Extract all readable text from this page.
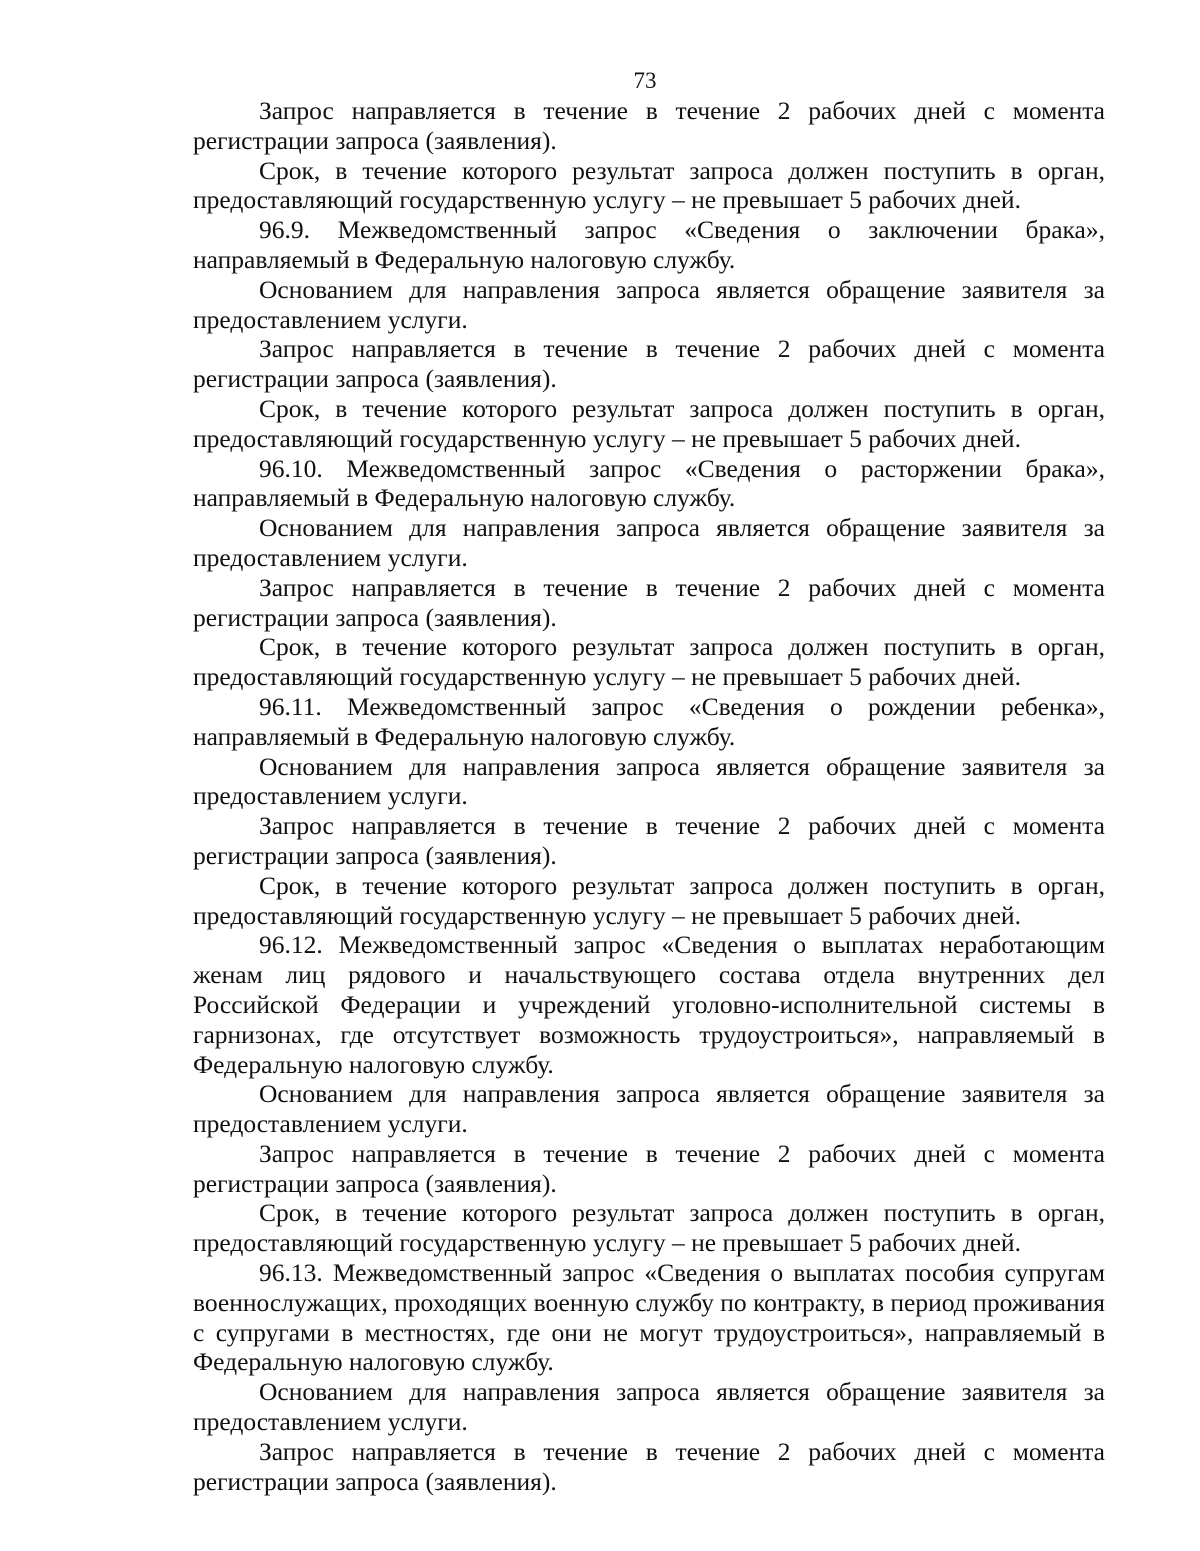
73

Запрос направляется в течение в течение 2 рабочих дней с момента регистрации запроса (заявления).

Срок, в течение которого результат запроса должен поступить в орган, предоставляющий государственную услугу – не превышает 5 рабочих дней.

96.9. Межведомственный запрос «Сведения о заключении брака», направляемый в Федеральную налоговую службу.

Основанием для направления запроса является обращение заявителя за предоставлением услуги.

Запрос направляется в течение в течение 2 рабочих дней с момента регистрации запроса (заявления).

Срок, в течение которого результат запроса должен поступить в орган, предоставляющий государственную услугу – не превышает 5 рабочих дней.

96.10. Межведомственный запрос «Сведения о расторжении брака», направляемый в Федеральную налоговую службу.

Основанием для направления запроса является обращение заявителя за предоставлением услуги.

Запрос направляется в течение в течение 2 рабочих дней с момента регистрации запроса (заявления).

Срок, в течение которого результат запроса должен поступить в орган, предоставляющий государственную услугу – не превышает 5 рабочих дней.

96.11. Межведомственный запрос «Сведения о рождении ребенка», направляемый в Федеральную налоговую службу.

Основанием для направления запроса является обращение заявителя за предоставлением услуги.

Запрос направляется в течение в течение 2 рабочих дней с момента регистрации запроса (заявления).

Срок, в течение которого результат запроса должен поступить в орган, предоставляющий государственную услугу – не превышает 5 рабочих дней.

96.12. Межведомственный запрос «Сведения о выплатах неработающим женам лиц рядового и начальствующего состава отдела внутренних дел Российской Федерации и учреждений уголовно-исполнительной системы в гарнизонах, где отсутствует возможность трудоустроиться», направляемый в Федеральную налоговую службу.

Основанием для направления запроса является обращение заявителя за предоставлением услуги.

Запрос направляется в течение в течение 2 рабочих дней с момента регистрации запроса (заявления).

Срок, в течение которого результат запроса должен поступить в орган, предоставляющий государственную услугу – не превышает 5 рабочих дней.

96.13. Межведомственный запрос «Сведения о выплатах пособия супругам военнослужащих, проходящих военную службу по контракту, в период проживания с супругами в местностях, где они не могут трудоустроиться», направляемый в Федеральную налоговую службу.

Основанием для направления запроса является обращение заявителя за предоставлением услуги.

Запрос направляется в течение в течение 2 рабочих дней с момента регистрации запроса (заявления).
